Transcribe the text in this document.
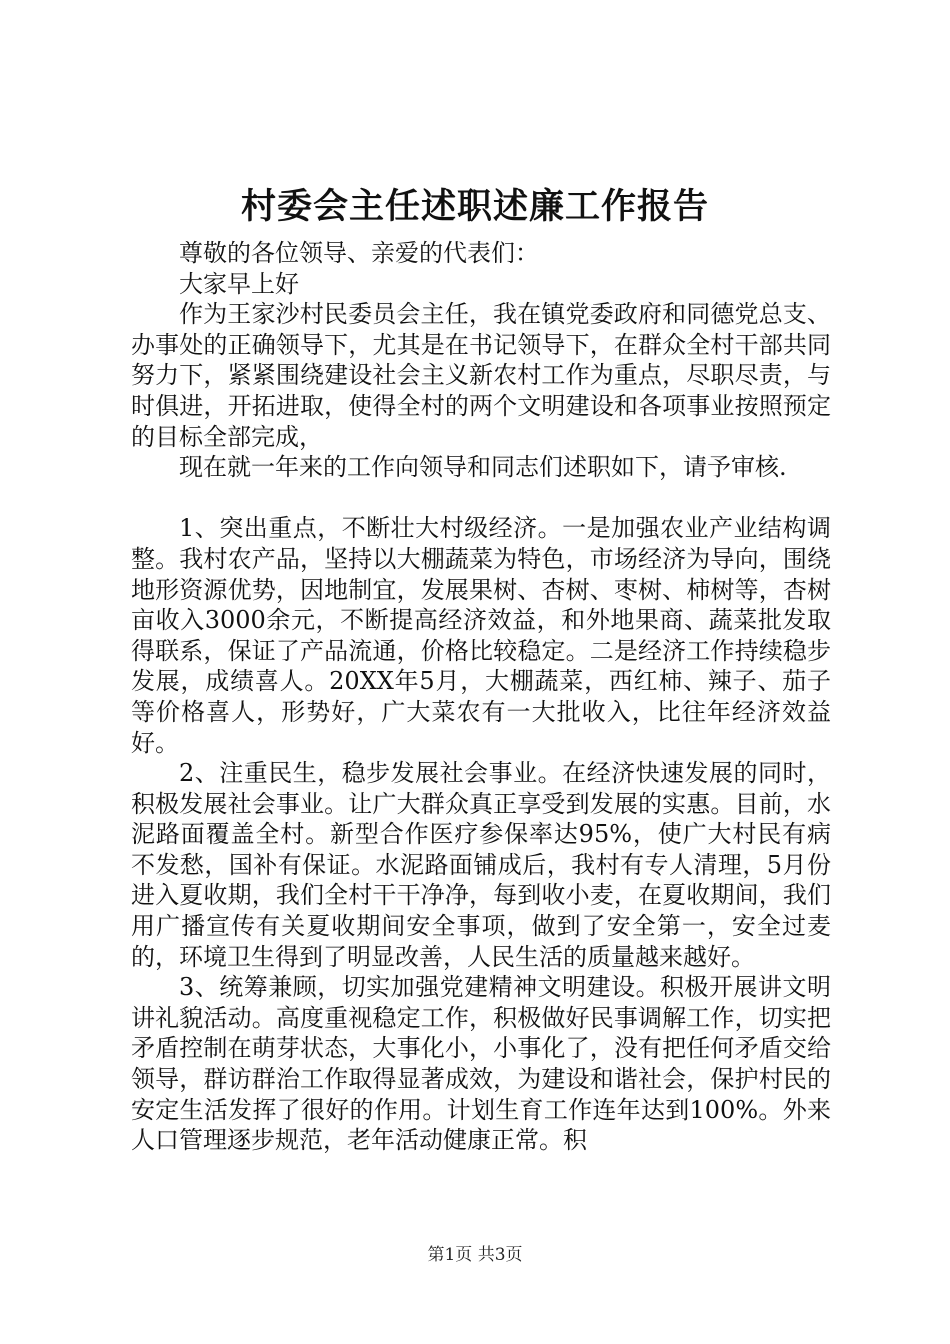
村委会主任述职述廉工作报告

尊敬的各位领导、亲爱的代表们：

大家早上好

作为王家沙村民委员会主任，我在镇党委政府和同德党总支、办事处的正确领导下，尤其是在书记领导下，在群众全村干部共同努力下，紧紧围绕建设社会主义新农村工作为重点，尽职尽责，与时俱进，开拓进取，使得全村的两个文明建设和各项事业按照预定的目标全部完成，

现在就一年来的工作向领导和同志们述职如下，请予审核.

1、突出重点，不断壮大村级经济。一是加强农业产业结构调整。我村农产品，坚持以大棚蔬菜为特色，市场经济为导向，围绕地形资源优势，因地制宜，发展果树、杏树、枣树、柿树等，杏树亩收入3000余元，不断提高经济效益，和外地果商、蔬菜批发取得联系，保证了产品流通，价格比较稳定。二是经济工作持续稳步发展，成绩喜人。20XX年5月，大棚蔬菜，西红柿、辣子、茄子等价格喜人，形势好，广大菜农有一大批收入，比往年经济效益好。

2、注重民生，稳步发展社会事业。在经济快速发展的同时，积极发展社会事业。让广大群众真正享受到发展的实惠。目前，水泥路面覆盖全村。新型合作医疗参保率达95%，使广大村民有病不发愁，国补有保证。水泥路面铺成后，我村有专人清理，5月份进入夏收期，我们全村干干净净，每到收小麦，在夏收期间，我们用广播宣传有关夏收期间安全事项，做到了安全第一，安全过麦的，环境卫生得到了明显改善，人民生活的质量越来越好。

3、统筹兼顾，切实加强党建精神文明建设。积极开展讲文明讲礼貌活动。高度重视稳定工作，积极做好民事调解工作，切实把矛盾控制在萌芽状态，大事化小，小事化了，没有把任何矛盾交给领导，群访群治工作取得显著成效，为建设和谐社会，保护村民的安定生活发挥了很好的作用。计划生育工作连年达到100%。外来人口管理逐步规范，老年活动健康正常。积

第1页 共3页
